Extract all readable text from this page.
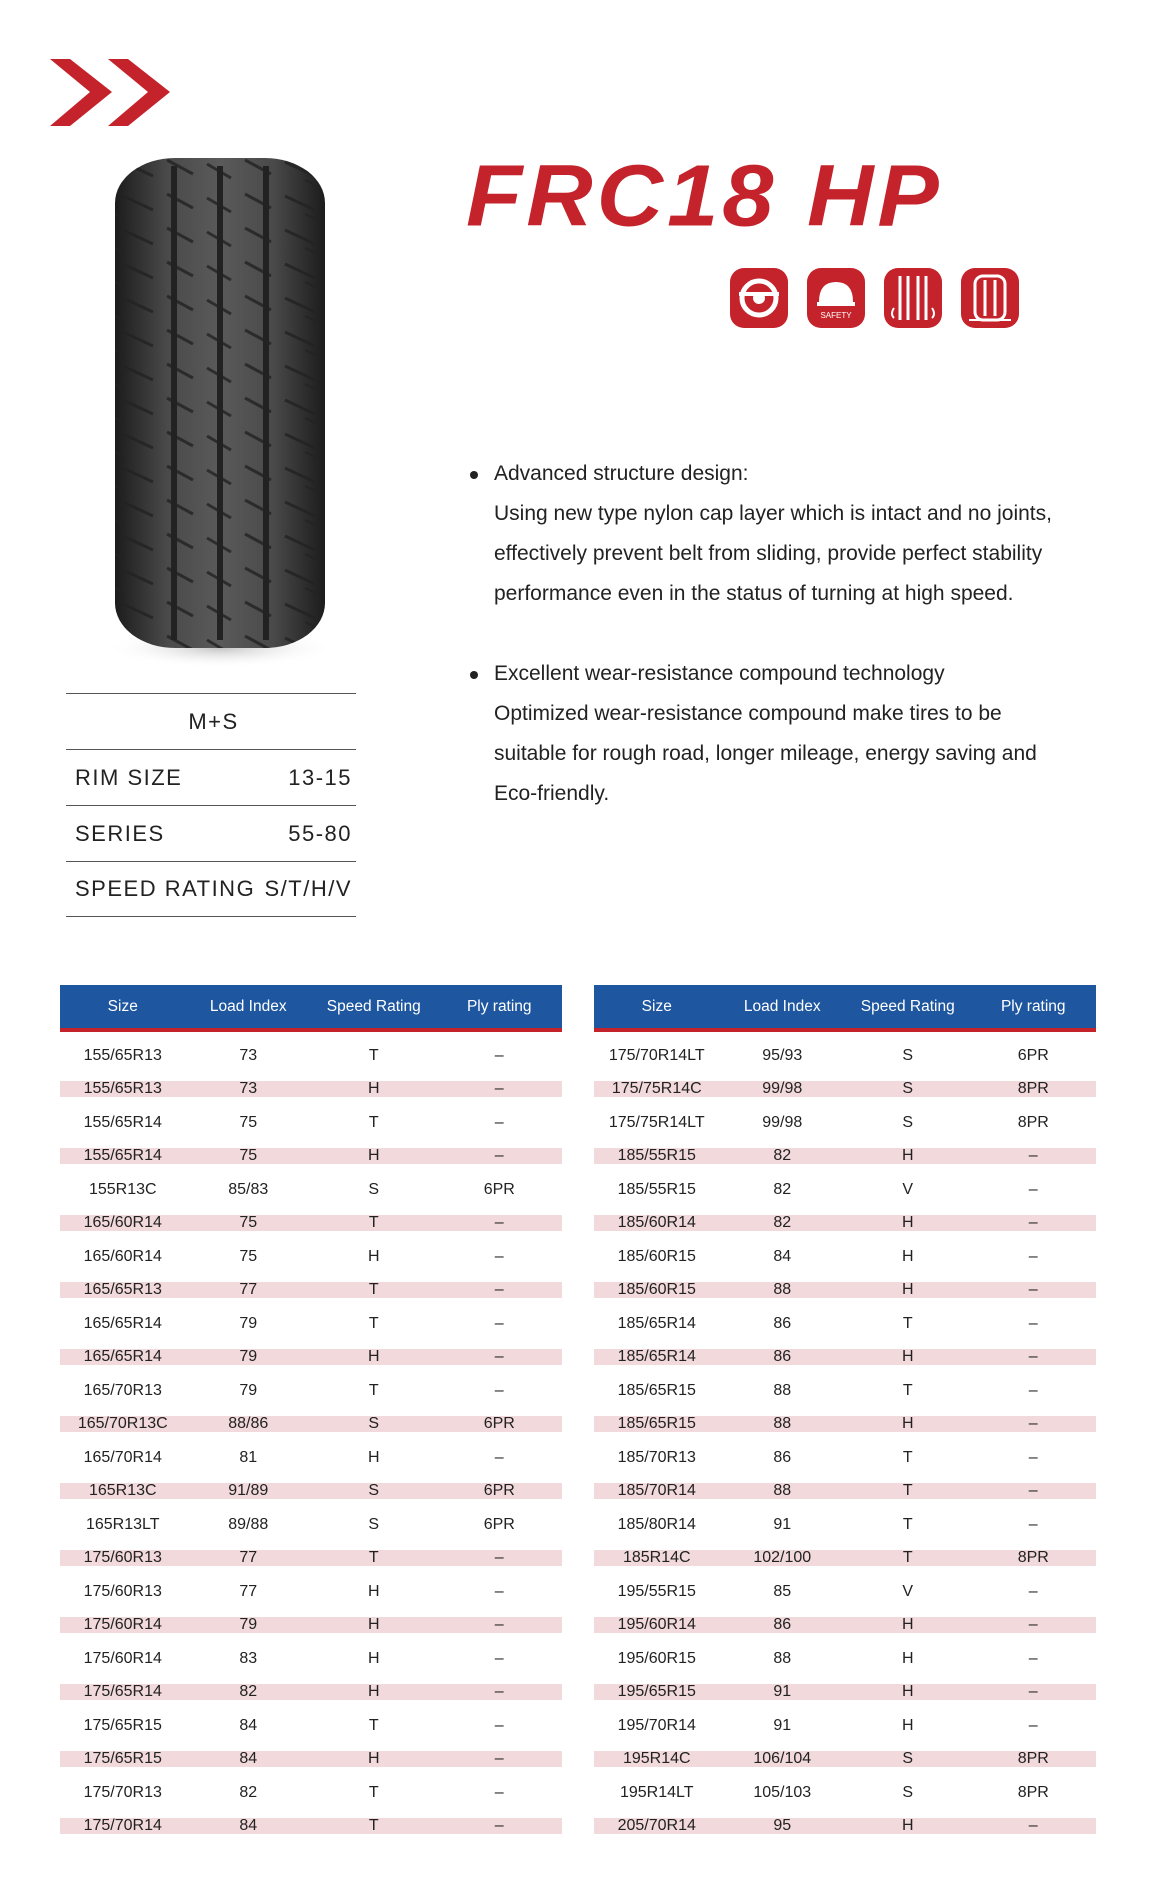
FRC18 HP
SAFETY
Advanced structure design:
Using new type nylon cap layer which is intact and no joints,
effectively prevent belt from sliding, provide perfect stability
performance even in the status of turning at high speed.
Excellent wear-resistance compound technology
Optimized wear-resistance compound make tires to be
suitable for rough road, longer mileage, energy saving and
Eco-friendly.
M+S
RIM SIZE	13-15
SERIES	55-80
SPEED RATING S/T/H/V
Size	Load Index	Speed Rating	Ply rating
155/65R13	73	T	–
155/65R13	73	H	–
155/65R14	75	T	–
155/65R14	75	H	–
155R13C	85/83	S	6PR
165/60R14	75	T	–
165/60R14	75	H	–
165/65R13	77	T	–
165/65R14	79	T	–
165/65R14	79	H	–
165/70R13	79	T	–
165/70R13C	88/86	S	6PR
165/70R14	81	H	–
165R13C	91/89	S	6PR
165R13LT	89/88	S	6PR
175/60R13	77	T	–
175/60R13	77	H	–
175/60R14	79	H	–
175/60R14	83	H	–
175/65R14	82	H	–
175/65R15	84	T	–
175/65R15	84	H	–
175/70R13	82	T	–
175/70R14	84	T	–
Size	Load Index	Speed Rating	Ply rating
175/70R14LT	95/93	S	6PR
175/75R14C	99/98	S	8PR
175/75R14LT	99/98	S	8PR
185/55R15	82	H	–
185/55R15	82	V	–
185/60R14	82	H	–
185/60R15	84	H	–
185/60R15	88	H	–
185/65R14	86	T	–
185/65R14	86	H	–
185/65R15	88	T	–
185/65R15	88	H	–
185/70R13	86	T	–
185/70R14	88	T	–
185/80R14	91	T	–
185R14C	102/100	T	8PR
195/55R15	85	V	–
195/60R14	86	H	–
195/60R15	88	H	–
195/65R15	91	H	–
195/70R14	91	H	–
195R14C	106/104	S	8PR
195R14LT	105/103	S	8PR
205/70R14	95	H	–
